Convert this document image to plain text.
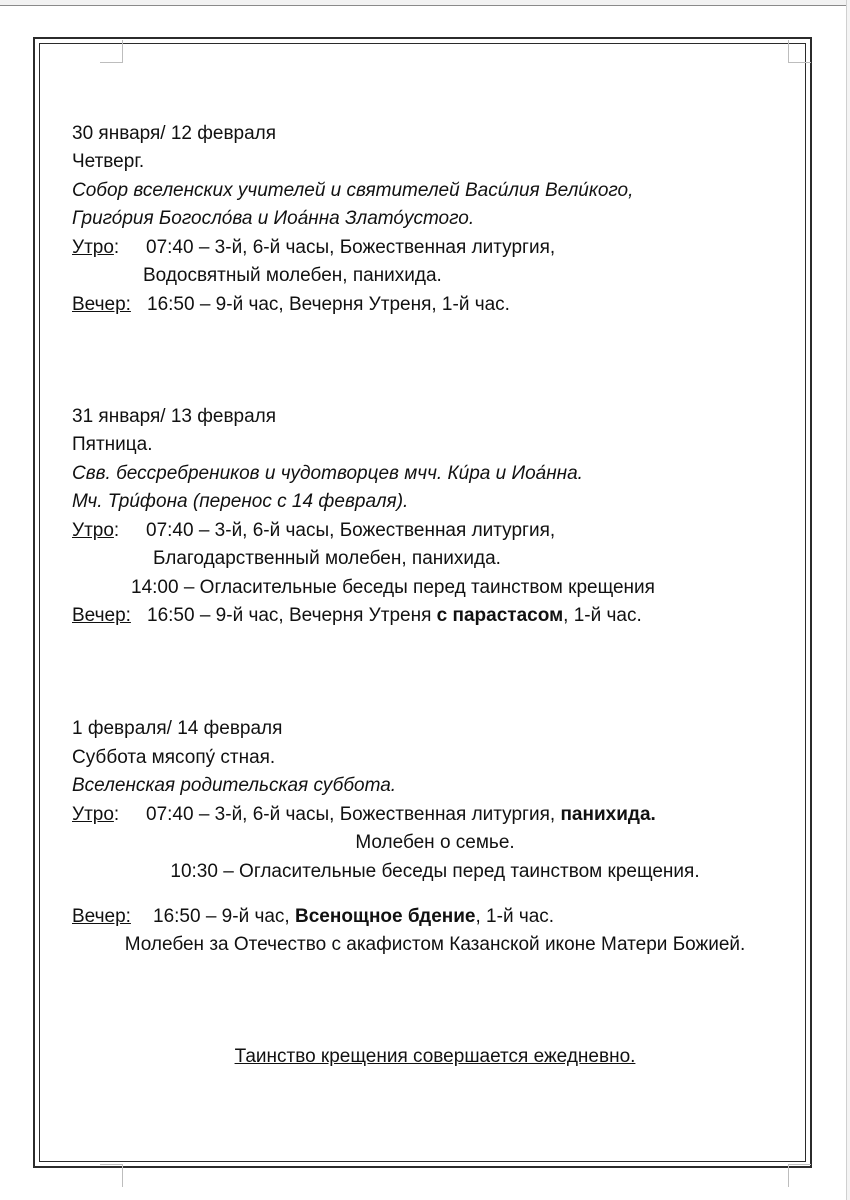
30 января/ 12 февраля
Четверг.
Собор вселенских учителей и святителей Васи́лия Вели́кого,
Григо́рия Богосло́ва и Иоа́нна Злато́устого.
Утро: 07:40 – 3-й, 6-й часы, Божественная литургия,
Водосвятный молебен, панихида.
Вечер: 16:50 – 9-й час, Вечерня Утреня, 1-й час.
31 января/ 13 февраля
Пятница.
Свв. бессребреников и чудотворцев мчч. Ки́ра и Иоа́нна.
Мч. Три́фона (перенос с 14 февраля).
Утро: 07:40 – 3-й, 6-й часы, Божественная литургия,
Благодарственный молебен, панихида.
14:00 – Огласительные беседы перед таинством крещения
Вечер: 16:50 – 9-й час, Вечерня Утреня с парастасом, 1-й час.
1 февраля/ 14 февраля
Суббота мясопу́ стная.
Вселенская родительская суббота.
Утро: 07:40 – 3-й, 6-й часы, Божественная литургия, панихида.
Молебен о семье.
10:30 – Огласительные беседы перед таинством крещения.
Вечер: 16:50 – 9-й час, Всенощное бдение, 1-й час.
Молебен за Отечество с акафистом Казанской иконе Матери Божией.
Таинство крещения совершается ежедневно.
